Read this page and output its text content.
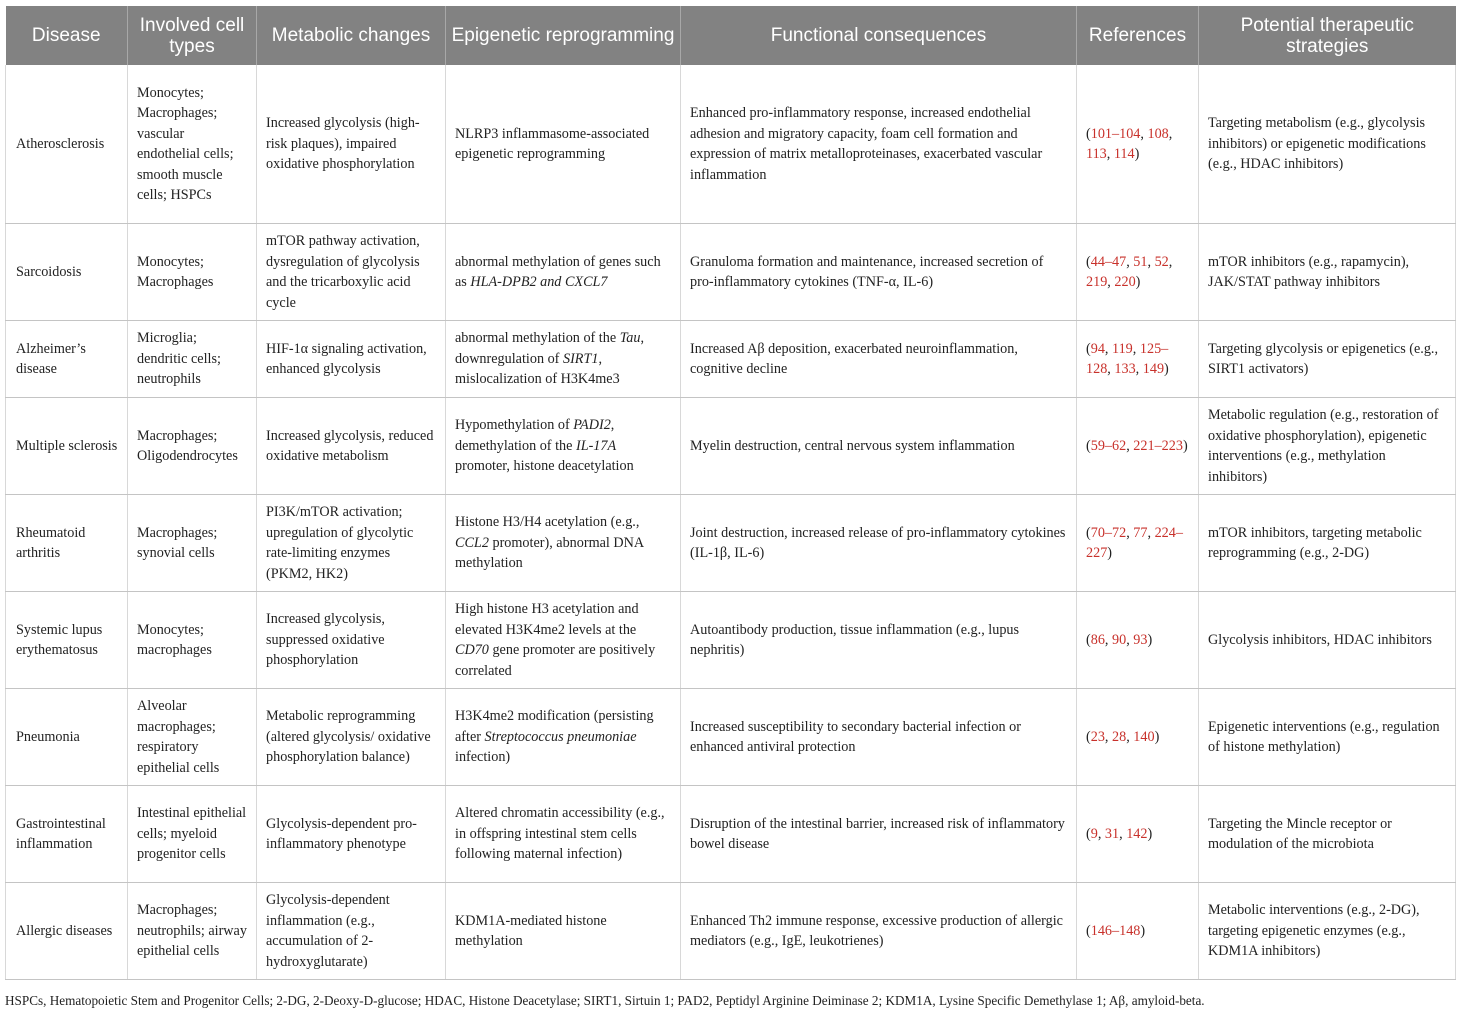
Disease	Involved cell types	Metabolic changes	Epigenetic reprogramming	Functional consequences	References	Potential therapeutic strategies
Atherosclerosis	Monocytes; Macrophages; vascular endothelial cells; smooth muscle cells; HSPCs	Increased glycolysis (high-risk plaques), impaired oxidative phosphorylation	NLRP3 inflammasome-associated epigenetic reprogramming	Enhanced pro-inflammatory response, increased endothelial adhesion and migratory capacity, foam cell formation and expression of matrix metalloproteinases, exacerbated vascular inflammation	(101–104, 108, 113, 114)	Targeting metabolism (e.g., glycolysis inhibitors) or epigenetic modifications (e.g., HDAC inhibitors)
Sarcoidosis	Monocytes; Macrophages	mTOR pathway activation, dysregulation of glycolysis and the tricarboxylic acid cycle	abnormal methylation of genes such as HLA-DPB2 and CXCL7	Granuloma formation and maintenance, increased secretion of pro-inflammatory cytokines (TNF-α, IL-6)	(44–47, 51, 52, 219, 220)	mTOR inhibitors (e.g., rapamycin), JAK/STAT pathway inhibitors
Alzheimer’s disease	Microglia; dendritic cells; neutrophils	HIF-1α signaling activation, enhanced glycolysis	abnormal methylation of the Tau, downregulation of SIRT1, mislocalization of H3K4me3	Increased Aβ deposition, exacerbated neuroinflammation, cognitive decline	(94, 119, 125–128, 133, 149)	Targeting glycolysis or epigenetics (e.g., SIRT1 activators)
Multiple sclerosis	Macrophages; Oligodendrocytes	Increased glycolysis, reduced oxidative metabolism	Hypomethylation of PADI2, demethylation of the IL-17A promoter, histone deacetylation	Myelin destruction, central nervous system inflammation	(59–62, 221–223)	Metabolic regulation (e.g., restoration of oxidative phosphorylation), epigenetic interventions (e.g., methylation inhibitors)
Rheumatoid arthritis	Macrophages; synovial cells	PI3K/mTOR activation; upregulation of glycolytic rate-limiting enzymes (PKM2, HK2)	Histone H3/H4 acetylation (e.g., CCL2 promoter), abnormal DNA methylation	Joint destruction, increased release of pro-inflammatory cytokines (IL-1β, IL-6)	(70–72, 77, 224–227)	mTOR inhibitors, targeting metabolic reprogramming (e.g., 2-DG)
Systemic lupus erythematosus	Monocytes; macrophages	Increased glycolysis, suppressed oxidative phosphorylation	High histone H3 acetylation and elevated H3K4me2 levels at the CD70 gene promoter are positively correlated	Autoantibody production, tissue inflammation (e.g., lupus nephritis)	(86, 90, 93)	Glycolysis inhibitors, HDAC inhibitors
Pneumonia	Alveolar macrophages; respiratory epithelial cells	Metabolic reprogramming (altered glycolysis/ oxidative phosphorylation balance)	H3K4me2 modification (persisting after Streptococcus pneumoniae infection)	Increased susceptibility to secondary bacterial infection or enhanced antiviral protection	(23, 28, 140)	Epigenetic interventions (e.g., regulation of histone methylation)
Gastrointestinal inflammation	Intestinal epithelial cells; myeloid progenitor cells	Glycolysis-dependent pro-inflammatory phenotype	Altered chromatin accessibility (e.g., in offspring intestinal stem cells following maternal infection)	Disruption of the intestinal barrier, increased risk of inflammatory bowel disease	(9, 31, 142)	Targeting the Mincle receptor or modulation of the microbiota
Allergic diseases	Macrophages; neutrophils; airway epithelial cells	Glycolysis-dependent inflammation (e.g., accumulation of 2-hydroxyglutarate)	KDM1A-mediated histone methylation	Enhanced Th2 immune response, excessive production of allergic mediators (e.g., IgE, leukotrienes)	(146–148)	Metabolic interventions (e.g., 2-DG), targeting epigenetic enzymes (e.g., KDM1A inhibitors)
HSPCs, Hematopoietic Stem and Progenitor Cells; 2-DG, 2-Deoxy-D-glucose; HDAC, Histone Deacetylase; SIRT1, Sirtuin 1; PAD2, Peptidyl Arginine Deiminase 2; KDM1A, Lysine Specific Demethylase 1; Aβ, amyloid-beta.
